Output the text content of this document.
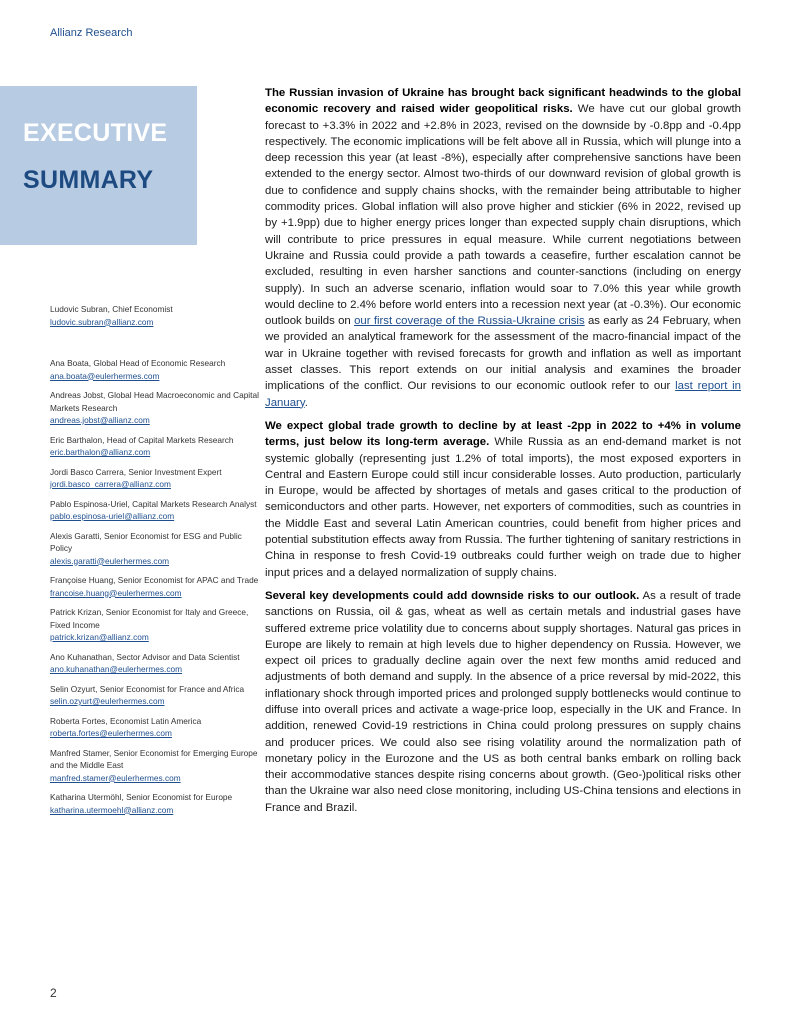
Allianz Research
EXECUTIVE
SUMMARY
Ludovic Subran, Chief Economist
ludovic.subran@allianz.com
Ana Boata, Global Head of Economic Research
ana.boata@eulerhermes.com
Andreas Jobst, Global Head Macroeconomic and Capital Markets Research
andreas.jobst@allianz.com
Eric Barthalon, Head of Capital Markets Research
eric.barthalon@allianz.com
Jordi Basco Carrera, Senior Investment Expert
jordi.basco_carrera@allianz.com
Pablo Espinosa-Uriel, Capital Markets Research Analyst
pablo.espinosa-uriel@allianz.com
Alexis Garatti, Senior Economist for ESG and Public Policy
alexis.garatti@eulerhermes.com
Françoise Huang, Senior Economist for APAC and Trade
francoise.huang@eulerhermes.com
Patrick Krizan, Senior Economist for Italy and Greece, Fixed Income
patrick.krizan@allianz.com
Ano Kuhanathan, Sector Advisor and Data Scientist
ano.kuhanathan@eulerhermes.com
Selin Ozyurt, Senior Economist for France and Africa
selin.ozyurt@eulerhermes.com
Roberta Fortes, Economist Latin America
roberta.fortes@eulerhermes.com
Manfred Stamer, Senior Economist for Emerging Europe and the Middle East
manfred.stamer@eulerhermes.com
Katharina Utermöhl, Senior Economist for Europe
katharina.utermoehl@allianz.com

The Russian invasion of Ukraine has brought back significant headwinds to the global economic recovery and raised wider geopolitical risks. We have cut our global growth forecast to +3.3% in 2022 and +2.8% in 2023, revised on the downside by -0.8pp and -0.4pp respectively. The economic implications will be felt above all in Russia, which will plunge into a deep recession this year (at least -8%), especially after comprehensive sanctions have been extended to the energy sector. Almost two-thirds of our downward revision of global growth is due to confidence and supply chains shocks, with the remainder being attributable to higher commodity prices. Global inflation will also prove higher and stickier (6% in 2022, revised up by +1.9pp) due to higher energy prices longer than expected supply chain disruptions, which will contribute to price pressures in equal measure. While current negotiations between Ukraine and Russia could provide a path towards a ceasefire, further escalation cannot be excluded, resulting in even harsher sanctions and counter-sanctions (including on energy supply). In such an adverse scenario, inflation would soar to 7.0% this year while growth would decline to 2.4% before world enters into a recession next year (at -0.3%). Our economic outlook builds on our first coverage of the Russia-Ukraine crisis as early as 24 February, when we provided an analytical framework for the assessment of the macro-financial impact of the war in Ukraine together with revised forecasts for growth and inflation as well as important asset classes. This report extends on our initial analysis and examines the broader implications of the conflict. Our revisions to our economic outlook refer to our last report in January.

We expect global trade growth to decline by at least -2pp in 2022 to +4% in volume terms, just below its long-term average. While Russia as an end-demand market is not systemic globally (representing just 1.2% of total imports), the most exposed exporters in Central and Eastern Europe could still incur considerable losses. Auto production, particularly in Europe, would be affected by shortages of metals and gases critical to the production of semiconductors and other parts. However, net exporters of commodities, such as countries in the Middle East and several Latin American countries, could benefit from higher prices and potential substitution effects away from Russia. The further tightening of sanitary restrictions in China in response to fresh Covid-19 outbreaks could further weigh on trade due to higher input prices and a delayed normalization of supply chains.

Several key developments could add downside risks to our outlook. As a result of trade sanctions on Russia, oil & gas, wheat as well as certain metals and industrial gases have suffered extreme price volatility due to concerns about supply shortages. Natural gas prices in Europe are likely to remain at high levels due to higher dependency on Russia. However, we expect oil prices to gradually decline again over the next few months amid reduced and adjustments of both demand and supply. In the absence of a price reversal by mid-2022, this inflationary shock through imported prices and prolonged supply bottlenecks would continue to diffuse into overall prices and activate a wage-price loop, especially in the UK and France. In addition, renewed Covid-19 restrictions in China could prolong pressures on supply chains and producer prices. We could also see rising volatility around the normalization path of monetary policy in the Eurozone and the US as both central banks embark on rolling back their accommodative stances despite rising concerns about growth. (Geo-)political risks other than the Ukraine war also need close monitoring, including US-China tensions and elections in France and Brazil.

2
